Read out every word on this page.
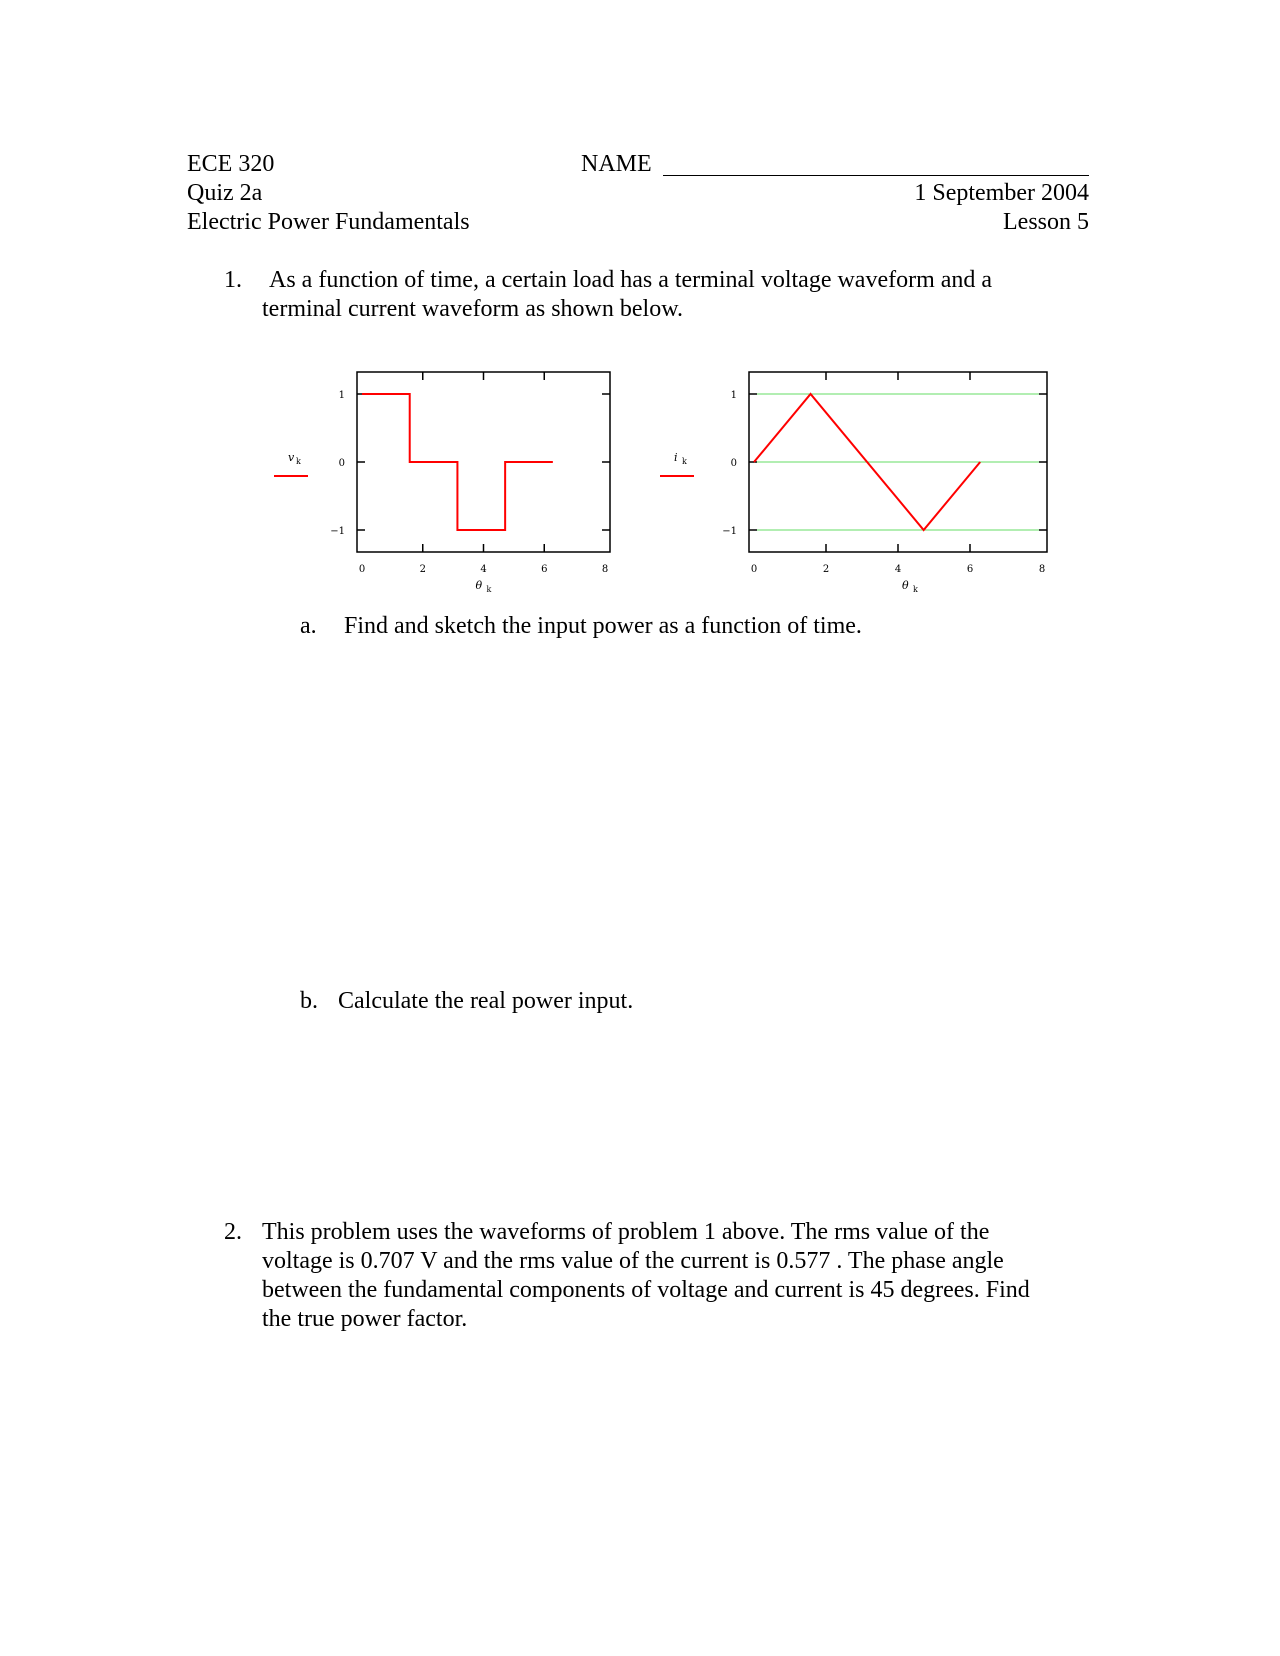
ECE 320	NAME
Quiz 2a	1 September 2004
Electric Power Fundamentals	Lesson 5
1. As a function of time, a certain load has a terminal voltage waveform and a
terminal current waveform as shown below.
0	2	4	6	8
1
0
−1
v k
θ k
0	2	4	6	8
1
0
−1
i k
θ k
a. Find and sketch the input power as a function of time.
b. Calculate the real power input.
2. This problem uses the waveforms of problem 1 above. The rms value of the
voltage is 0.707 V and the rms value of the current is 0.577 . The phase angle
between the fundamental components of voltage and current is 45 degrees. Find
the true power factor.
